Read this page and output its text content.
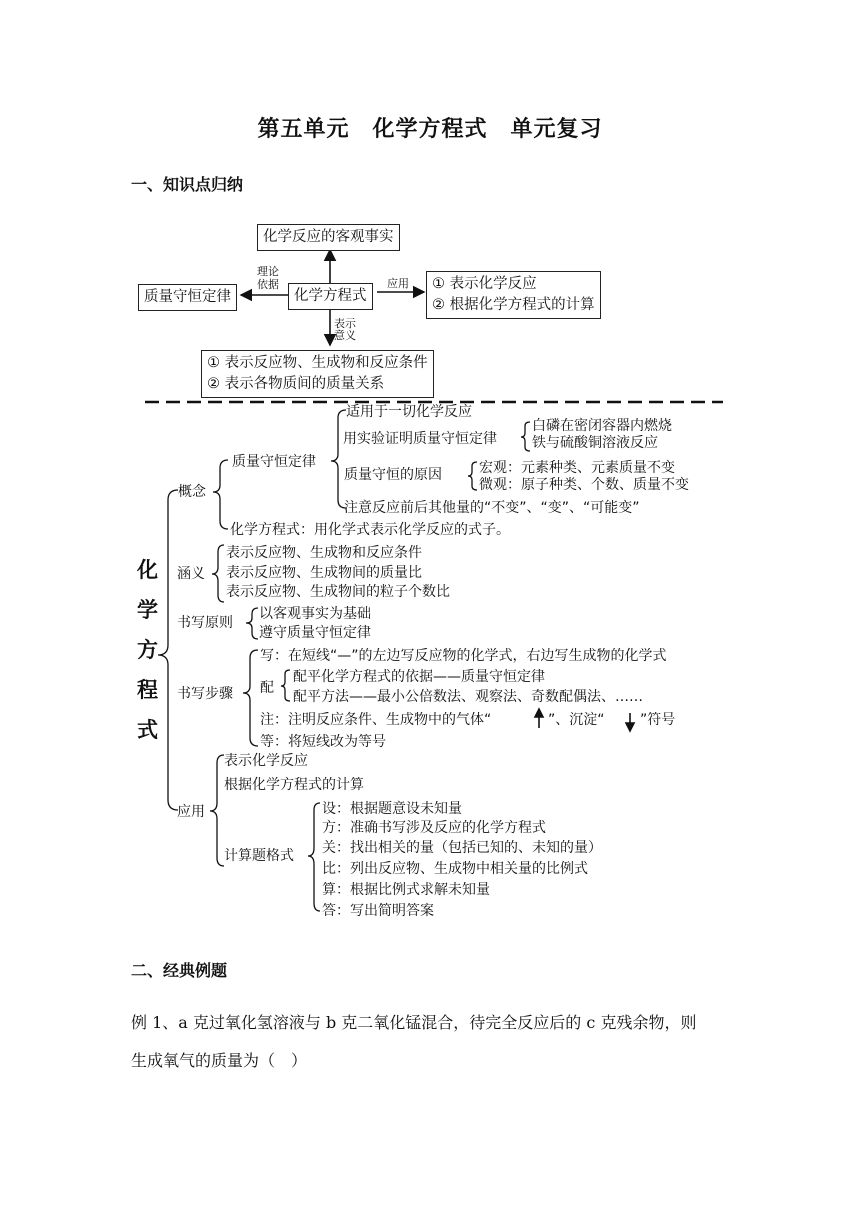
第五单元　化学方程式　单元复习
一、知识点归纳
化学反应的客观事实
质量守恒定律	化学方程式
① 表示化学反应
② 根据化学方程式的计算
① 表示反应物、生成物和反应条件
② 表示各物质间的质量关系
理论
依据	应用
表示
意义
化
学
方
程
式
概念
质量守恒定律
适用于一切化学反应
用实验证明质量守恒定律
白磷在密闭容器内燃烧
铁与硫酸铜溶液反应
质量守恒的原因	宏观：元素种类、元素质量不变
微观：原子种类、个数、质量不变
注意反应前后其他量的“不变”、“变”、“可能变”
化学方程式：用化学式表示化学反应的式子。
涵义
表示反应物、生成物和反应条件
表示反应物、生成物间的质量比
表示反应物、生成物间的粒子个数比
书写原则
以客观事实为基础
遵守质量守恒定律
书写步骤
写：在短线“—”的左边写反应物的化学式，右边写生成物的化学式
配
配平化学方程式的依据——质量守恒定律
配平方法——最小公倍数法、观察法、奇数配偶法、……
注：注明反应条件、生成物中的气体“	”、沉淀“	”符号
等：将短线改为等号
应用
表示化学反应
根据化学方程式的计算
计算题格式
设：根据题意设未知量
方：准确书写涉及反应的化学方程式
关：找出相关的量（包括已知的、未知的量）
比：列出反应物、生成物中相关量的比例式
算：根据比例式求解未知量
答：写出简明答案
二、经典例题
例 1、a 克过氧化氢溶液与 b 克二氧化锰混合，待完全反应后的 c 克残余物，则
生成氧气的质量为（　）
